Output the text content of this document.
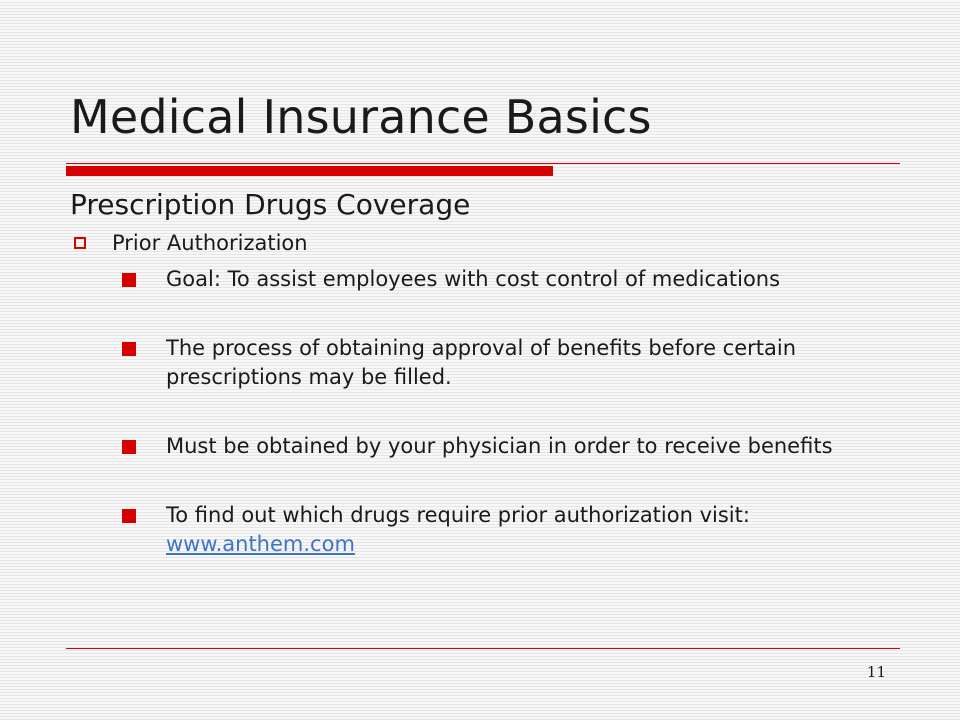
Medical Insurance Basics
Prescription Drugs Coverage
Prior Authorization
Goal: To assist employees with cost control of medications
The process of obtaining approval of benefits before certain prescriptions may be filled.
Must be obtained by your physician in order to receive benefits
To find out which drugs require prior authorization visit: www.anthem.com
11
